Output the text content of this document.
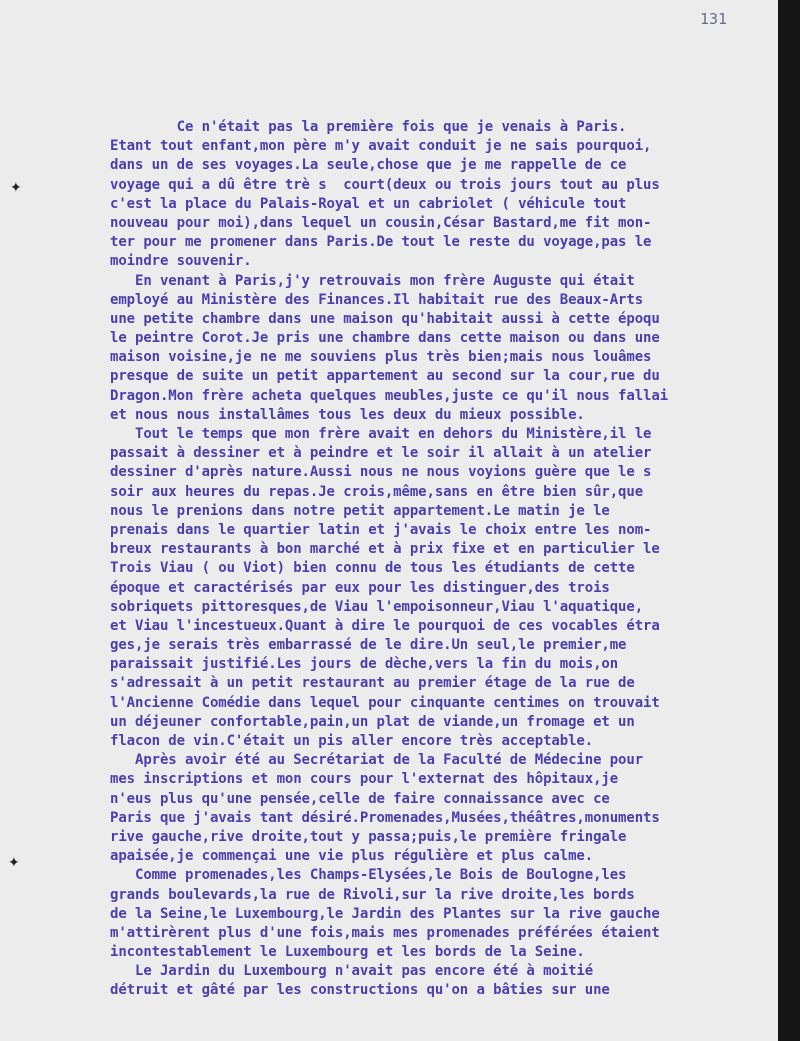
131
✦
✦
Ce n'était pas la première fois que je venais à Paris.
Etant tout enfant,mon père m'y avait conduit je ne sais pourquoi,
dans un de ses voyages.La seule,chose que je me rappelle de ce
voyage qui a dû être trè s  court(deux ou trois jours tout au plus
c'est la place du Palais-Royal et un cabriolet ( véhicule tout
nouveau pour moi),dans lequel un cousin,César Bastard,me fit mon-
ter pour me promener dans Paris.De tout le reste du voyage,pas le
moindre souvenir.
En venant à Paris,j'y retrouvais mon frère Auguste qui était
employé au Ministère des Finances.Il habitait rue des Beaux-Arts
une petite chambre dans une maison qu'habitait aussi à cette époqu
le peintre Corot.Je pris une chambre dans cette maison ou dans une
maison voisine,je ne me souviens plus très bien;mais nous louâmes
presque de suite un petit appartement au second sur la cour,rue du
Dragon.Mon frère acheta quelques meubles,juste ce qu'il nous fallai
et nous nous installâmes tous les deux du mieux possible.
Tout le temps que mon frère avait en dehors du Ministère,il le
passait à dessiner et à peindre et le soir il allait à un atelier
dessiner d'après nature.Aussi nous ne nous voyions guère que le s
soir aux heures du repas.Je crois,même,sans en être bien sûr,que
nous le prenions dans notre petit appartement.Le matin je le
prenais dans le quartier latin et j'avais le choix entre les nom-
breux restaurants à bon marché et à prix fixe et en particulier le
Trois Viau ( ou Viot) bien connu de tous les étudiants de cette
époque et caractérisés par eux pour les distinguer,des trois
sobriquets pittoresques,de Viau l'empoisonneur,Viau l'aquatique,
et Viau l'incestueux.Quant à dire le pourquoi de ces vocables étra
ges,je serais très embarrassé de le dire.Un seul,le premier,me
paraissait justifié.Les jours de dèche,vers la fin du mois,on
s'adressait à un petit restaurant au premier étage de la rue de
l'Ancienne Comédie dans lequel pour cinquante centimes on trouvait
un déjeuner confortable,pain,un plat de viande,un fromage et un
flacon de vin.C'était un pis aller encore très acceptable.
Après avoir été au Secrétariat de la Faculté de Médecine pour
mes inscriptions et mon cours pour l'externat des hôpitaux,je
n'eus plus qu'une pensée,celle de faire connaissance avec ce
Paris que j'avais tant désiré.Promenades,Musées,théâtres,monuments
rive gauche,rive droite,tout y passa;puis,le première fringale
apaisée,je commençai une vie plus régulière et plus calme.
Comme promenades,les Champs-Elysées,le Bois de Boulogne,les
grands boulevards,la rue de Rivoli,sur la rive droite,les bords
de la Seine,le Luxembourg,le Jardin des Plantes sur la rive gauche
m'attirèrent plus d'une fois,mais mes promenades préférées étaient
incontestablement le Luxembourg et les bords de la Seine.
Le Jardin du Luxembourg n'avait pas encore été à moitié
détruit et gâté par les constructions qu'on a bâties sur une
